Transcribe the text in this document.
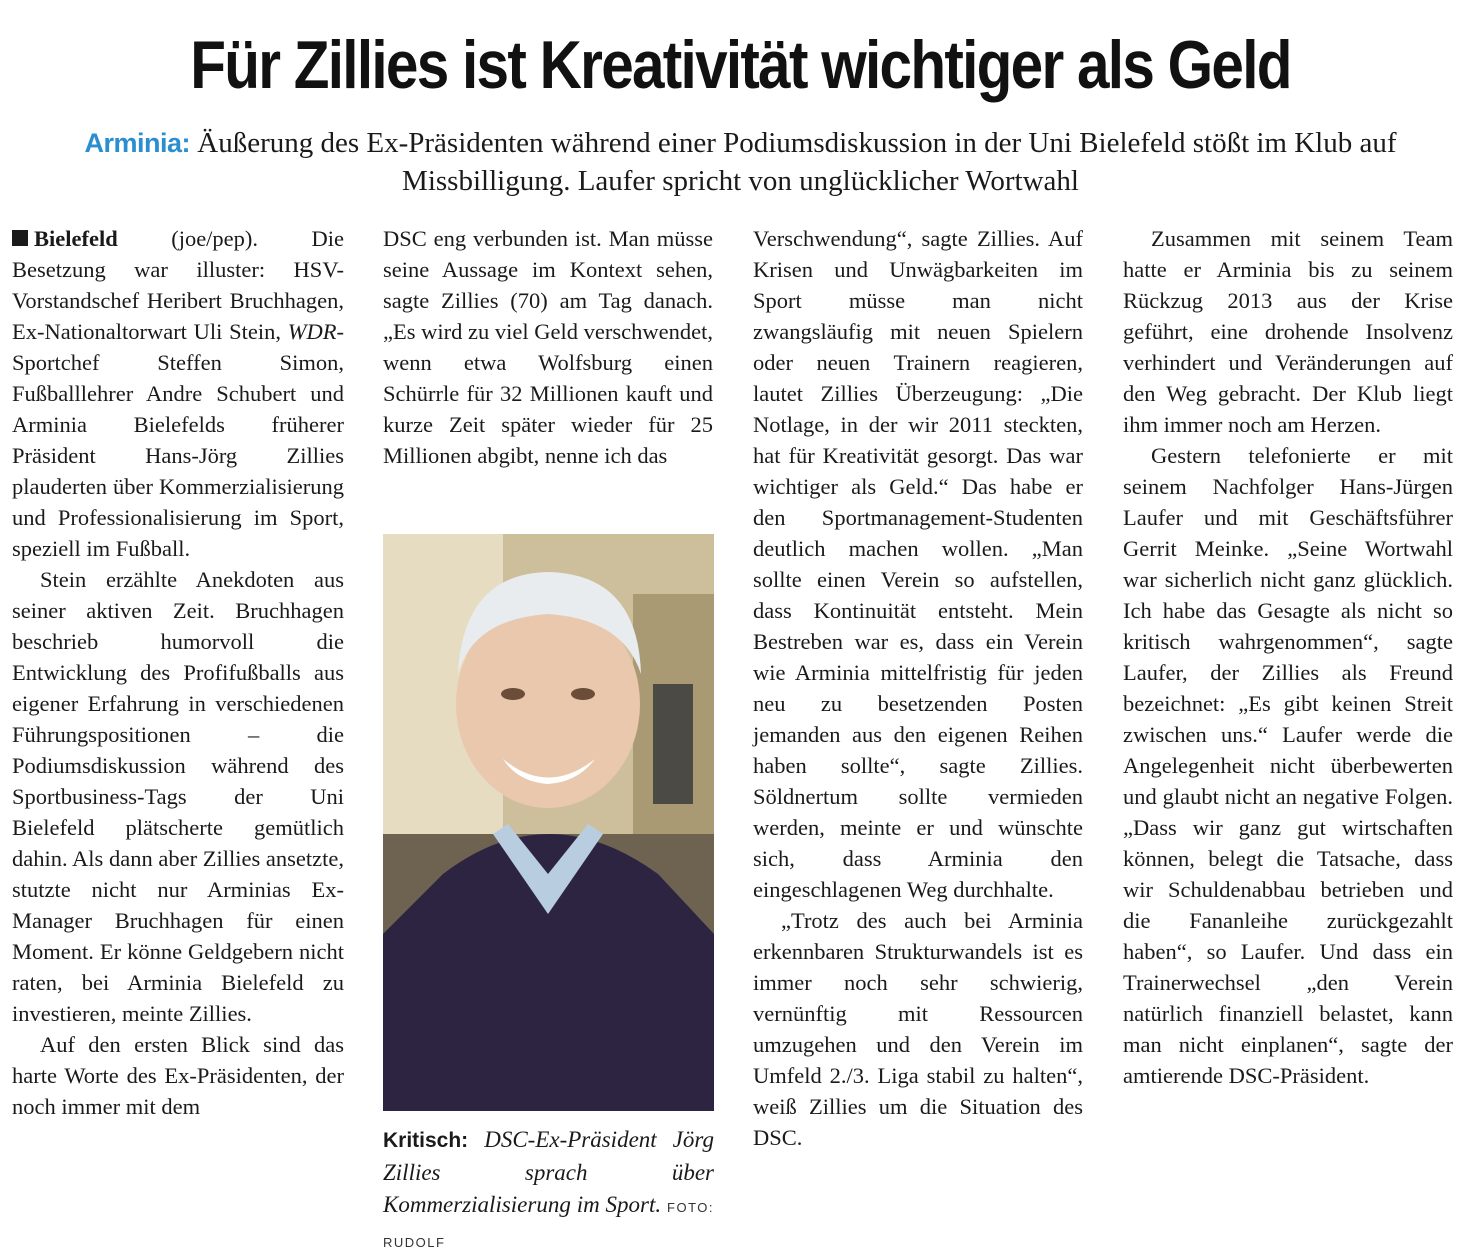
Für Zillies ist Kreativität wichtiger als Geld

Arminia: Äußerung des Ex-Präsidenten während einer Podiumsdiskussion in der Uni Bielefeld stößt im Klub auf Missbilligung. Laufer spricht von unglücklicher Wortwahl

Bielefeld (joe/pep). Die Besetzung war illuster: HSV-Vorstandschef Heribert Bruchhagen, Ex-Nationaltorwart Uli Stein, WDR-Sportchef Steffen Simon, Fußballlehrer Andre Schubert und Arminia Bielefelds früherer Präsident Hans-Jörg Zillies plauderten über Kommerzialisierung und Professionalisierung im Sport, speziell im Fußball.

Stein erzählte Anekdoten aus seiner aktiven Zeit. Bruchhagen beschrieb humorvoll die Entwicklung des Profifußballs aus eigener Erfahrung in verschiedenen Führungspositionen – die Podiumsdiskussion während des Sportbusiness-Tags der Uni Bielefeld plätscherte gemütlich dahin. Als dann aber Zillies ansetzte, stutzte nicht nur Arminias Ex-Manager Bruchhagen für einen Moment. Er könne Geldgebern nicht raten, bei Arminia Bielefeld zu investieren, meinte Zillies.

Auf den ersten Blick sind das harte Worte des Ex-Präsidenten, der noch immer mit dem

DSC eng verbunden ist. Man müsse seine Aussage im Kontext sehen, sagte Zillies (70) am Tag danach. „Es wird zu viel Geld verschwendet, wenn etwa Wolfsburg einen Schürrle für 32 Millionen kauft und kurze Zeit später wieder für 25 Millionen abgibt, nenne ich das

Kritisch: DSC-Ex-Präsident Jörg Zillies sprach über Kommerzialisierung im Sport. FOTO: RUDOLF

Verschwendung“, sagte Zillies. Auf Krisen und Unwägbarkeiten im Sport müsse man nicht zwangsläufig mit neuen Spielern oder neuen Trainern reagieren, lautet Zillies Überzeugung: „Die Notlage, in der wir 2011 steckten, hat für Kreativität gesorgt. Das war wichtiger als Geld.“ Das habe er den Sportmanagement-Studenten deutlich machen wollen. „Man sollte einen Verein so aufstellen, dass Kontinuität entsteht. Mein Bestreben war es, dass ein Verein wie Arminia mittelfristig für jeden neu zu besetzenden Posten jemanden aus den eigenen Reihen haben sollte“, sagte Zillies. Söldnertum sollte vermieden werden, meinte er und wünschte sich, dass Arminia den eingeschlagenen Weg durchhalte.

„Trotz des auch bei Arminia erkennbaren Strukturwandels ist es immer noch sehr schwierig, vernünftig mit Ressourcen umzugehen und den Verein im Umfeld 2./3. Liga stabil zu halten“, weiß Zillies um die Situation des DSC.

Zusammen mit seinem Team hatte er Arminia bis zu seinem Rückzug 2013 aus der Krise geführt, eine drohende Insolvenz verhindert und Veränderungen auf den Weg gebracht. Der Klub liegt ihm immer noch am Herzen.

Gestern telefonierte er mit seinem Nachfolger Hans-Jürgen Laufer und mit Geschäftsführer Gerrit Meinke. „Seine Wortwahl war sicherlich nicht ganz glücklich. Ich habe das Gesagte als nicht so kritisch wahrgenommen“, sagte Laufer, der Zillies als Freund bezeichnet: „Es gibt keinen Streit zwischen uns.“ Laufer werde die Angelegenheit nicht überbewerten und glaubt nicht an negative Folgen. „Dass wir ganz gut wirtschaften können, belegt die Tatsache, dass wir Schuldenabbau betrieben und die Fananleihe zurückgezahlt haben“, so Laufer. Und dass ein Trainerwechsel „den Verein natürlich finanziell belastet, kann man nicht einplanen“, sagte der amtierende DSC-Präsident.
